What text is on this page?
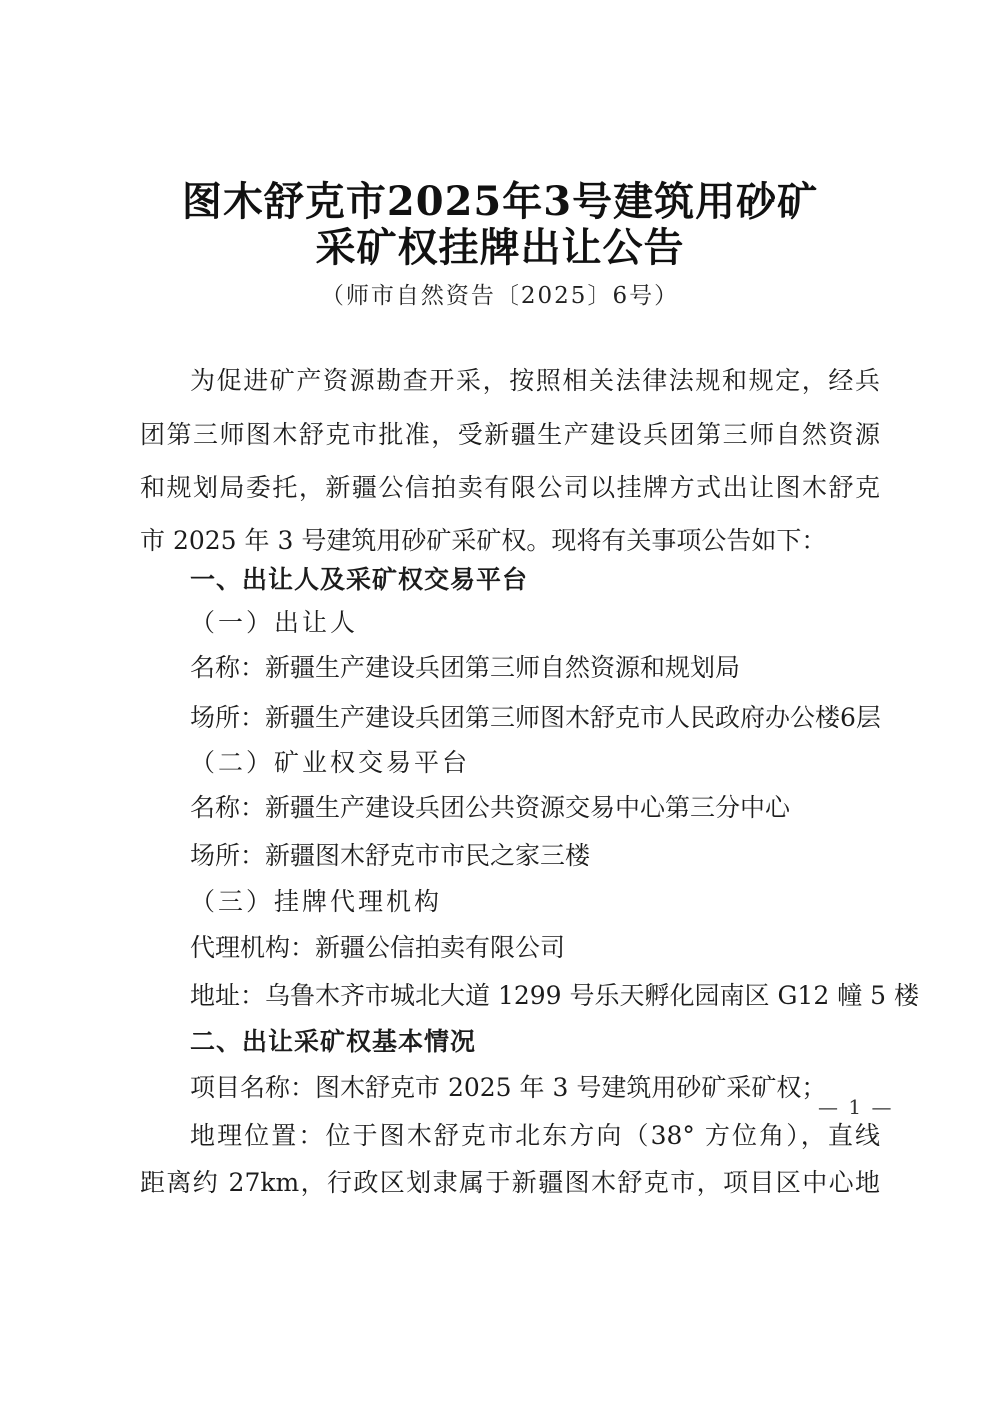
图木舒克市2025年3号建筑用砂矿
采矿权挂牌出让公告
（师市自然资告〔2025〕6号）
为促进矿产资源勘查开采，按照相关法律法规和规定，经兵
团第三师图木舒克市批准，受新疆生产建设兵团第三师自然资源
和规划局委托，新疆公信拍卖有限公司以挂牌方式出让图木舒克
市 2025 年 3 号建筑用砂矿采矿权。现将有关事项公告如下：
一、出让人及采矿权交易平台
（一）出让人
名称：新疆生产建设兵团第三师自然资源和规划局
场所：新疆生产建设兵团第三师图木舒克市人民政府办公楼6层
（二）矿业权交易平台
名称：新疆生产建设兵团公共资源交易中心第三分中心
场所：新疆图木舒克市市民之家三楼
（三）挂牌代理机构
代理机构：新疆公信拍卖有限公司
地址：乌鲁木齐市城北大道 1299 号乐天孵化园南区 G12 幢 5 楼
二、出让采矿权基本情况
项目名称：图木舒克市 2025 年 3 号建筑用砂矿采矿权；
地理位置：位于图木舒克市北东方向（38° 方位角），直线
距离约 27km，行政区划隶属于新疆图木舒克市，项目区中心地
— 1 —
